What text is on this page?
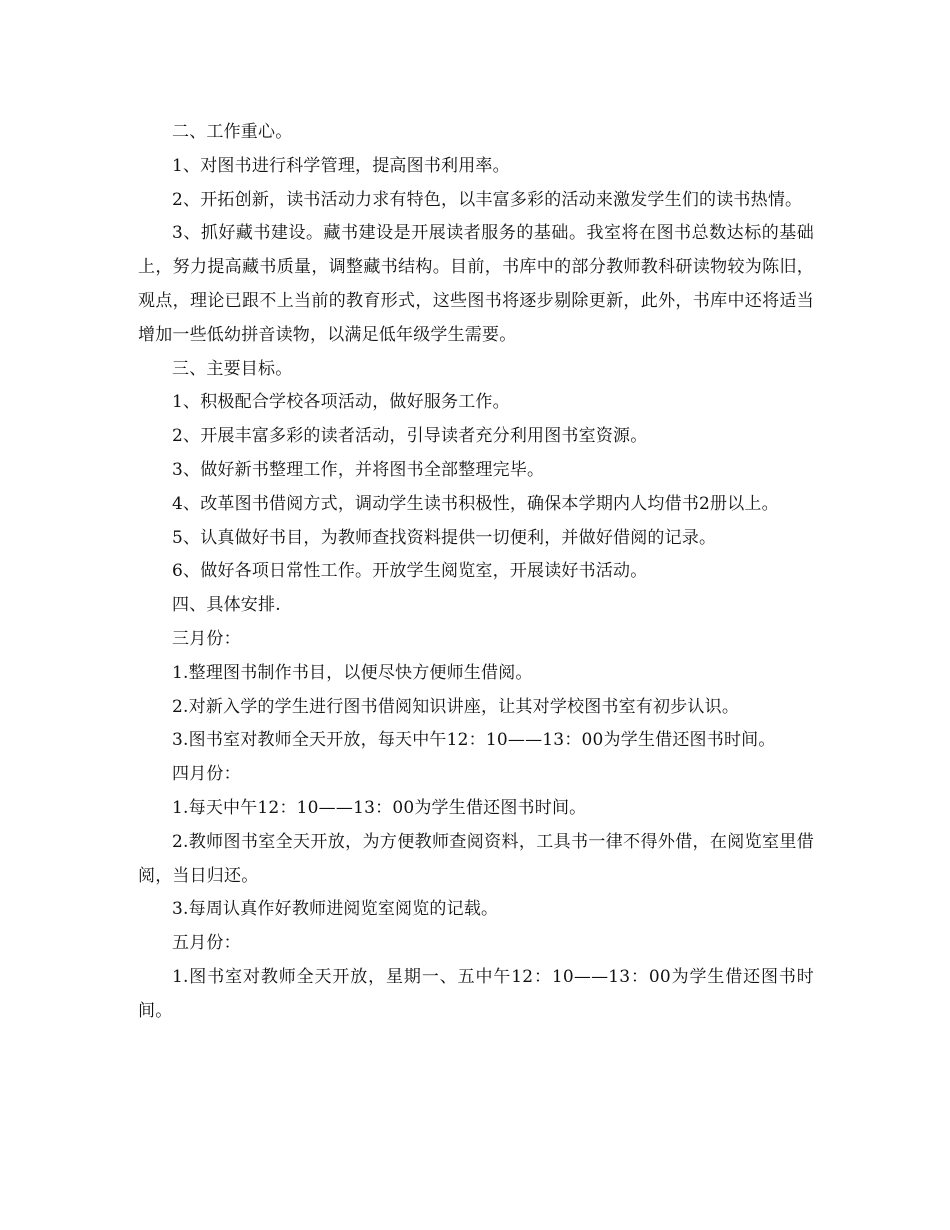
二、工作重心。

1、对图书进行科学管理，提高图书利用率。

2、开拓创新，读书活动力求有特色，以丰富多彩的活动来激发学生们的读书热情。

3、抓好藏书建设。藏书建设是开展读者服务的基础。我室将在图书总数达标的基础上，努力提高藏书质量，调整藏书结构。目前，书库中的部分教师教科研读物较为陈旧，观点，理论已跟不上当前的教育形式，这些图书将逐步剔除更新，此外，书库中还将适当增加一些低幼拼音读物，以满足低年级学生需要。

三、主要目标。

1、积极配合学校各项活动，做好服务工作。

2、开展丰富多彩的读者活动，引导读者充分利用图书室资源。

3、做好新书整理工作，并将图书全部整理完毕。

4、改革图书借阅方式，调动学生读书积极性，确保本学期内人均借书2册以上。

5、认真做好书目，为教师查找资料提供一切便利，并做好借阅的记录。

6、做好各项日常性工作。开放学生阅览室，开展读好书活动。

四、具体安排.

三月份：

1.整理图书制作书目，以便尽快方便师生借阅。

2.对新入学的学生进行图书借阅知识讲座，让其对学校图书室有初步认识。

3.图书室对教师全天开放，每天中午12：10——13：00为学生借还图书时间。

四月份：

1.每天中午12：10——13：00为学生借还图书时间。

2.教师图书室全天开放，为方便教师查阅资料，工具书一律不得外借，在阅览室里借阅，当日归还。

3.每周认真作好教师进阅览室阅览的记载。

五月份：

1.图书室对教师全天开放，星期一、五中午12：10——13：00为学生借还图书时间。
